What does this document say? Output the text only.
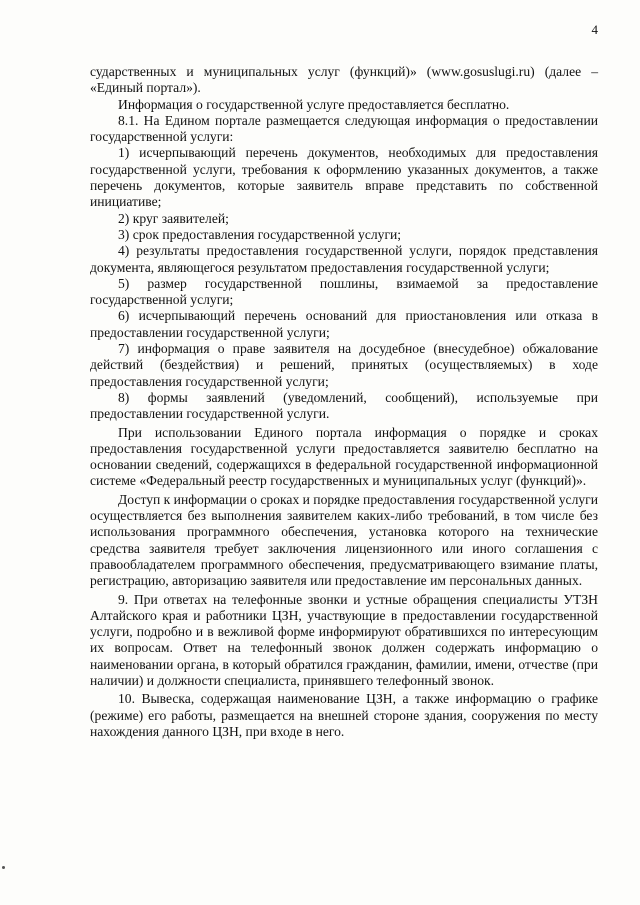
4

сударственных и муниципальных услуг (функций)» (www.gosuslugi.ru) (далее – «Единый портал»).

Информация о государственной услуге предоставляется бесплатно.

8.1. На Едином портале размещается следующая информация о предоставлении государственной услуги:

1) исчерпывающий перечень документов, необходимых для предоставления государственной услуги, требования к оформлению указанных документов, а также перечень документов, которые заявитель вправе представить по собственной инициативе;

2) круг заявителей;

3) срок предоставления государственной услуги;

4) результаты предоставления государственной услуги, порядок представления документа, являющегося результатом предоставления государственной услуги;

5) размер государственной пошлины, взимаемой за предоставление государственной услуги;

6) исчерпывающий перечень оснований для приостановления или отказа в предоставлении государственной услуги;

7) информация о праве заявителя на досудебное (внесудебное) обжалование действий (бездействия) и решений, принятых (осуществляемых) в ходе предоставления государственной услуги;

8) формы заявлений (уведомлений, сообщений), используемые при предоставлении государственной услуги.

При использовании Единого портала информация о порядке и сроках предоставления государственной услуги предоставляется заявителю бесплатно на основании сведений, содержащихся в федеральной государственной информационной системе «Федеральный реестр государственных и муниципальных услуг (функций)».

Доступ к информации о сроках и порядке предоставления государственной услуги осуществляется без выполнения заявителем каких-либо требований, в том числе без использования программного обеспечения, установка которого на технические средства заявителя требует заключения лицензионного или иного соглашения с правообладателем программного обеспечения, предусматривающего взимание платы, регистрацию, авторизацию заявителя или предоставление им персональных данных.

9. При ответах на телефонные звонки и устные обращения специалисты УТЗН Алтайского края и работники ЦЗН, участвующие в предоставлении государственной услуги, подробно и в вежливой форме информируют обратившихся по интересующим их вопросам. Ответ на телефонный звонок должен содержать информацию о наименовании органа, в который обратился гражданин, фамилии, имени, отчестве (при наличии) и должности специалиста, принявшего телефонный звонок.

10. Вывеска, содержащая наименование ЦЗН, а также информацию о графике (режиме) его работы, размещается на внешней стороне здания, сооружения по месту нахождения данного ЦЗН, при входе в него.
